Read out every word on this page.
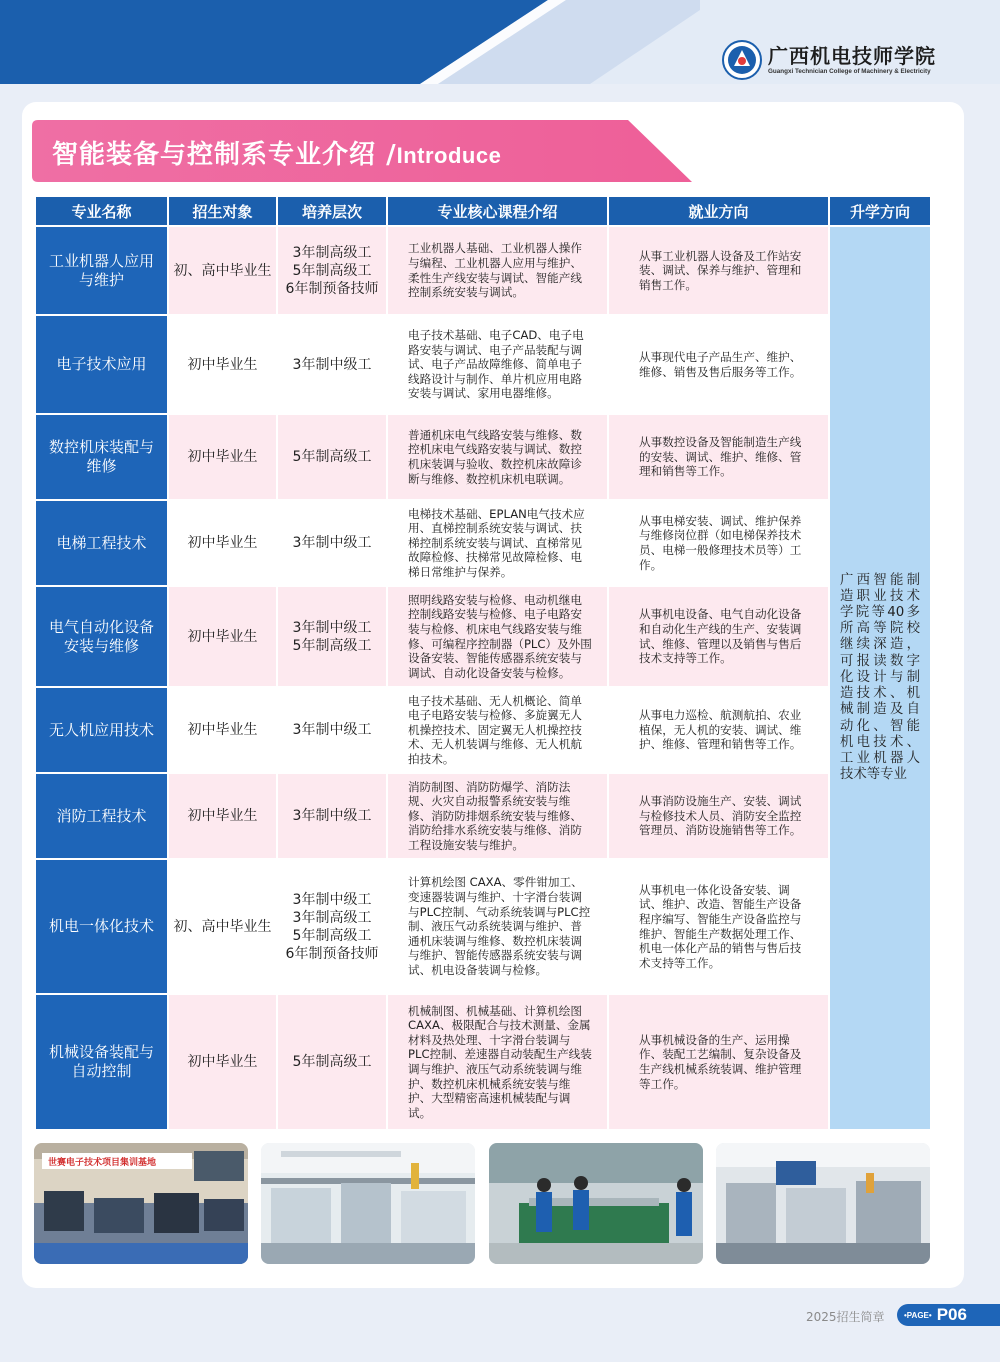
广西机电技师学院
Guangxi Technician College of Machinery & Electricity
智能装备与控制系专业介绍 /Introduce
专业名称	招生对象	培养层次	专业核心课程介绍	就业方向	升学方向
工业机器人应用与维护	初、高中毕业生	3年制高级工
5年制高级工
6年制预备技师	工业机器人基础、工业机器人操作与编程、工业机器人应用与维护、柔性生产线安装与调试、智能产线控制系统安装与调试。	从事工业机器人设备及工作站安装、调试、保养与维护、管理和销售工作。	广西智能制造职业技术学院等40多所高等院校继续深造，可报读数字化设计与制造技术、机械制造及自动化、智能机电技术、工业机器人技术等专业
电子技术应用	初中毕业生	3年制中级工	电子技术基础、电子CAD、电子电路安装与调试、电子产品装配与调试、电子产品故障维修、简单电子线路设计与制作、单片机应用电路安装与调试、家用电器维修。	从事现代电子产品生产、维护、维修、销售及售后服务等工作。	
数控机床装配与维修	初中毕业生	5年制高级工	普通机床电气线路安装与维修、数控机床电气线路安装与调试、数控机床装调与验收、数控机床故障诊断与维修、数控机床机电联调。	从事数控设备及智能制造生产线的安装、调试、维护、维修、管理和销售等工作。	
电梯工程技术	初中毕业生	3年制中级工	电梯技术基础、EPLAN电气技术应用、直梯控制系统安装与调试、扶梯控制系统安装与调试、直梯常见故障检修、扶梯常见故障检修、电梯日常维护与保养。	从事电梯安装、调试、维护保养与维修岗位群（如电梯保养技术员、电梯一般修理技术员等）工作。	
电气自动化设备安装与维修	初中毕业生	3年制中级工
5年制高级工	照明线路安装与检修、电动机继电控制线路安装与检修、电子电路安装与检修、机床电气线路安装与维修、可编程序控制器（PLC）及外围设备安装、智能传感器系统安装与调试、自动化设备安装与检修。	从事机电设备、电气自动化设备和自动化生产线的生产、安装调试、维修、管理以及销售与售后技术支持等工作。	
无人机应用技术	初中毕业生	3年制中级工	电子技术基础、无人机概论、简单电子电路安装与检修、多旋翼无人机操控技术、固定翼无人机操控技术、无人机装调与维修、无人机航拍技术。	从事电力巡检、航测航拍、农业植保，无人机的安装、调试、维护、维修、管理和销售等工作。	
消防工程技术	初中毕业生	3年制中级工	消防制图、消防防爆学、消防法规、火灾自动报警系统安装与维修、消防防排烟系统安装与维修、消防给排水系统安装与维修、消防工程设施安装与维护。	从事消防设施生产、安装、调试与检修技术人员、消防安全监控管理员、消防设施销售等工作。	
机电一体化技术	初、高中毕业生	3年制中级工
3年制高级工
5年制高级工
6年制预备技师	计算机绘图 CAXA、零件钳加工、变速器装调与维护、十字滑台装调与PLC控制、气动系统装调与PLC控制、液压气动系统装调与维护、普通机床装调与维修、数控机床装调与维护、智能传感器系统安装与调试、机电设备装调与检修。	从事机电一体化设备安装、调试、维护、改造、智能生产设备程序编写、智能生产设备监控与维护、智能生产数据处理工作、机电一体化产品的销售与售后技术支持等工作。	
机械设备装配与自动控制	初中毕业生	5年制高级工	机械制图、机械基础、计算机绘图 CAXA、极限配合与技术测量、金属材料及热处理、十字滑台装调与 PLC控制、差速器自动装配生产线装调与维护、液压气动系统装调与维护、数控机床机械系统安装与维护、大型精密高速机械装配与调试。	从事机械设备的生产、运用操作、装配工艺编制、复杂设备及生产线机械系统装调、维护管理等工作。	
世赛电子技术项目集训基地
2025招生简章 •PAGE• P06
